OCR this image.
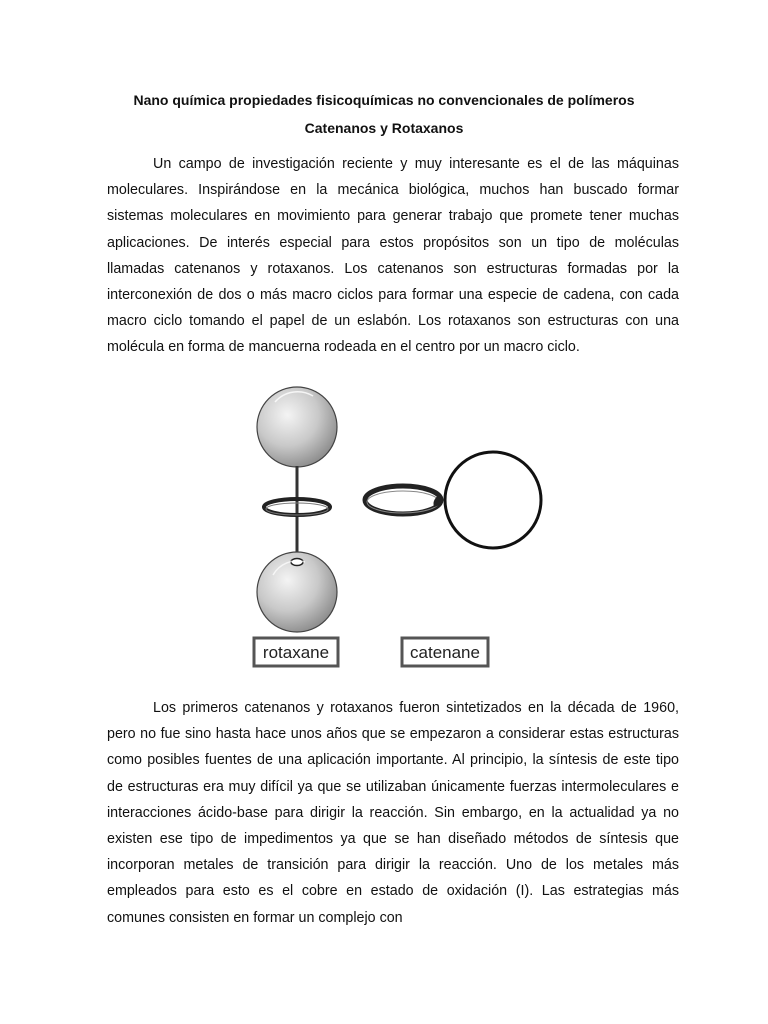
Nano química propiedades fisicoquímicas no convencionales de polímeros
Catenanos y Rotaxanos

Un campo de investigación reciente y muy interesante es el de las máquinas moleculares. Inspirándose en la mecánica biológica, muchos han buscado formar sistemas moleculares en movimiento para generar trabajo que promete tener muchas aplicaciones. De interés especial para estos propósitos son un tipo de moléculas llamadas catenanos y rotaxanos. Los catenanos son estructuras formadas por la interconexión de dos o más macro ciclos para formar una especie de cadena, con cada macro ciclo tomando el papel de un eslabón. Los rotaxanos son estructuras con una molécula en forma de mancuerna rodeada en el centro por un macro ciclo.

rotaxane	catenane

Los primeros catenanos y rotaxanos fueron sintetizados en la década de 1960, pero no fue sino hasta hace unos años que se empezaron a considerar estas estructuras como posibles fuentes de una aplicación importante. Al principio, la síntesis de este tipo de estructuras era muy difícil ya que se utilizaban únicamente fuerzas intermoleculares e interacciones ácido-base para dirigir la reacción. Sin embargo, en la actualidad ya no existen ese tipo de impedimentos ya que se han diseñado métodos de síntesis que incorporan metales de transición para dirigir la reacción. Uno de los metales más empleados para esto es el cobre en estado de oxidación (I). Las estrategias más comunes consisten en formar un complejo con
